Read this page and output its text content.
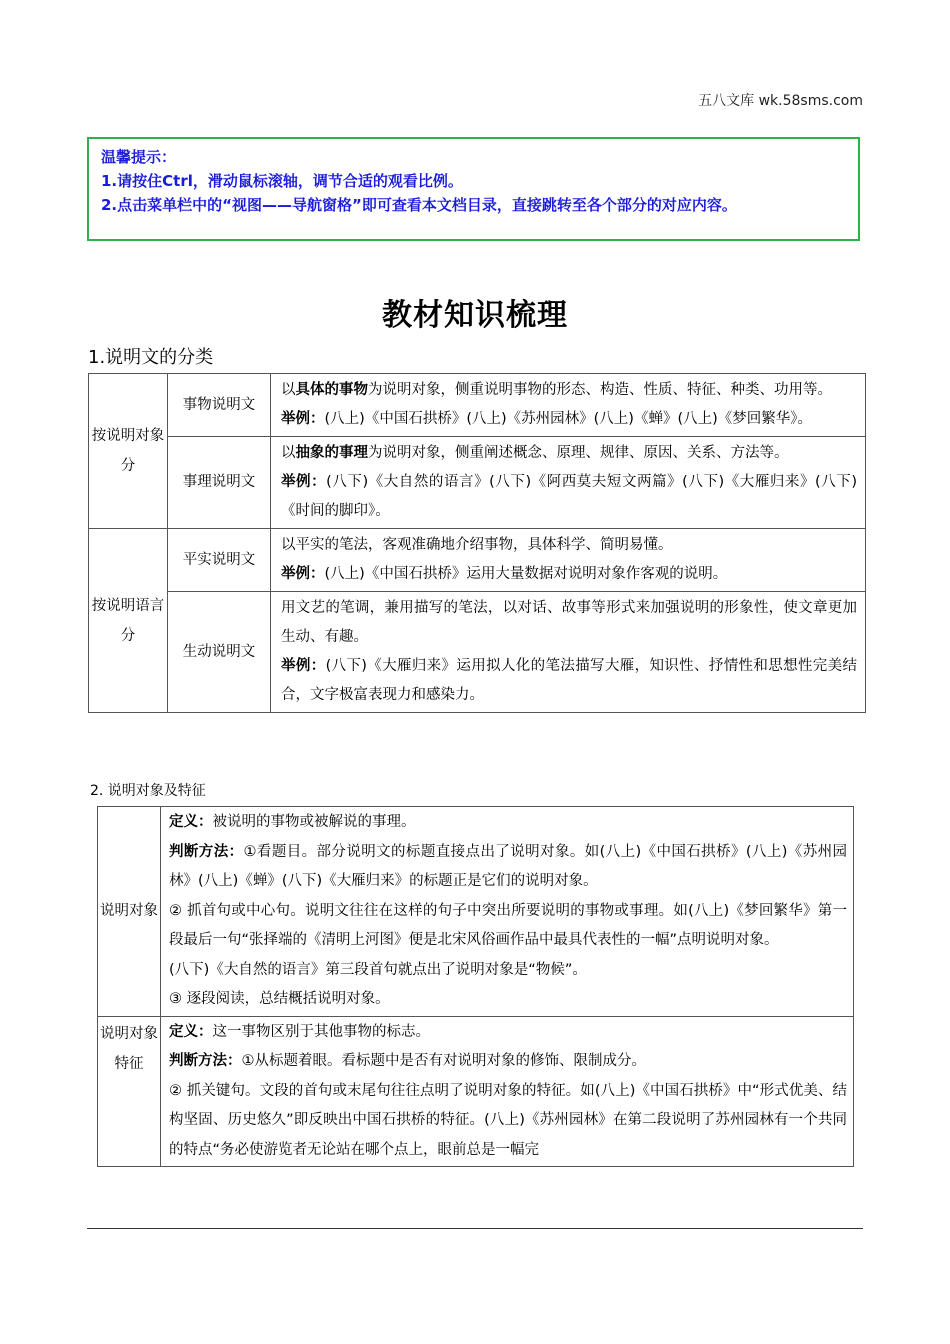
五八文库 wk.58sms.com
温馨提示：
1.请按住Ctrl，滑动鼠标滚轴，调节合适的观看比例。
2.点击菜单栏中的“视图——导航窗格”即可查看本文档目录，直接跳转至各个部分的对应内容。
教材知识梳理
1.说明文的分类
按说明对象分	事物说明文	以具体的事物为说明对象，侧重说明事物的形态、构造、性质、特征、种类、功用等。

举例：(八上)《中国石拱桥》(八上)《苏州园林》(八上)《蝉》(八上)《梦回繁华》。

	事理说明文	以抽象的事理为说明对象，侧重阐述概念、原理、规律、原因、关系、方法等。

举例：(八下)《大自然的语言》(八下)《阿西莫夫短文两篇》(八下)《大雁归来》(八下)《时间的脚印》。

按说明语言分	平实说明文	以平实的笔法，客观准确地介绍事物，具体科学、简明易懂。

举例：(八上)《中国石拱桥》运用大量数据对说明对象作客观的说明。

	生动说明文	用文艺的笔调，兼用描写的笔法，以对话、故事等形式来加强说明的形象性，使文章更加生动、有趣。

举例：(八下)《大雁归来》运用拟人化的笔法描写大雁，知识性、抒情性和思想性完美结合，文字极富表现力和感染力。

2. 说明对象及特征
说明对象	定义：被说明的事物或被解说的事理。

判断方法：①看题目。部分说明文的标题直接点出了说明对象。如(八上)《中国石拱桥》(八上)《苏州园林》(八上)《蝉》(八下)《大雁归来》的标题正是它们的说明对象。

② 抓首句或中心句。说明文往往在这样的句子中突出所要说明的事物或事理。如(八上)《梦回繁华》第一段最后一句“张择端的《清明上河图》便是北宋风俗画作品中最具代表性的一幅”点明说明对象。

(八下)《大自然的语言》第三段首句就点出了说明对象是“物候”。

③ 逐段阅读，总结概括说明对象。

说明对象特征	定义：这一事物区别于其他事物的标志。

判断方法：①从标题着眼。看标题中是否有对说明对象的修饰、限制成分。

② 抓关键句。文段的首句或末尾句往往点明了说明对象的特征。如(八上)《中国石拱桥》中“形式优美、结构坚固、历史悠久”即反映出中国石拱桥的特征。(八上)《苏州园林》在第二段说明了苏州园林有一个共同的特点“务必使游览者无论站在哪个点上，眼前总是一幅完
